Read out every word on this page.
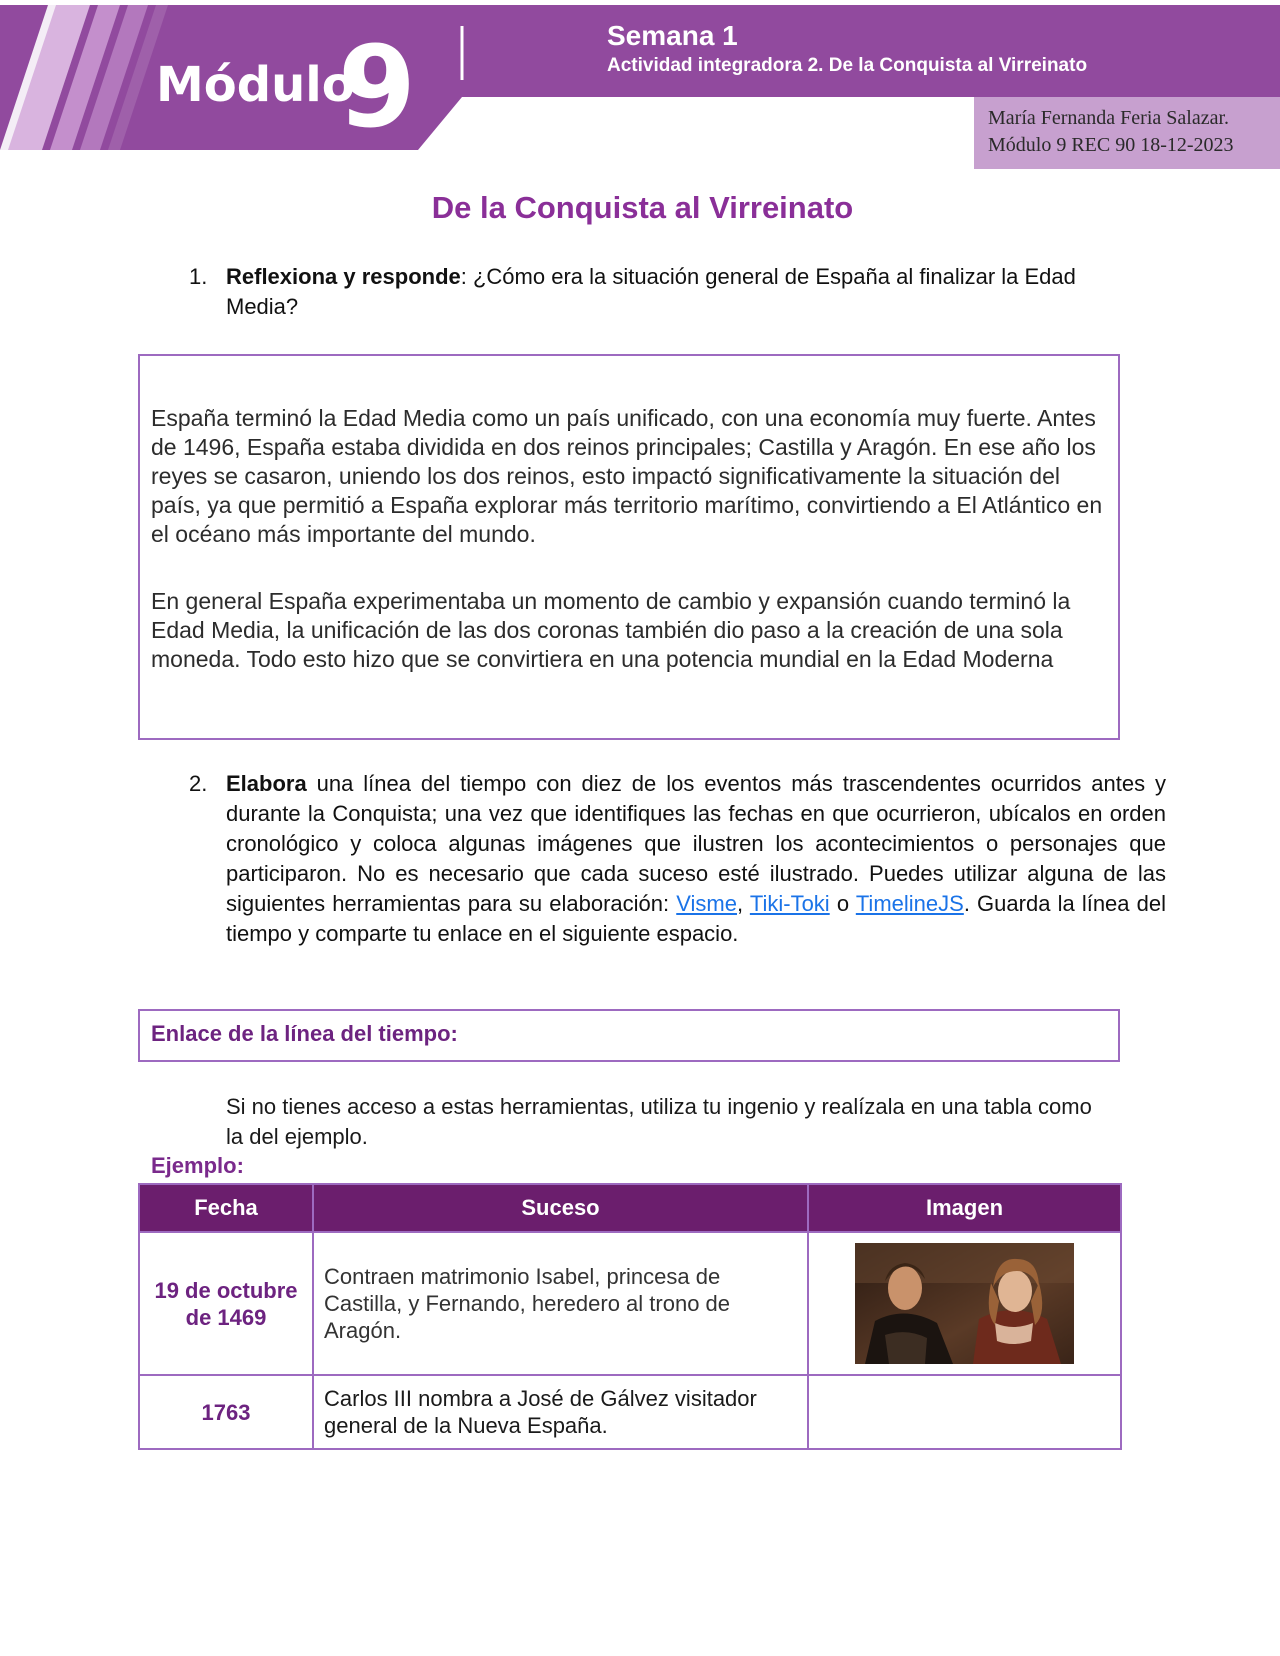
Módulo
9	Semana 1
Actividad integradora 2. De la Conquista al Virreinato
María Fernanda Feria Salazar.
Módulo 9 REC 90 18-12-2023
De la Conquista al Virreinato
1. Reflexiona y responde: ¿Cómo era la situación general de España al finalizar la Edad Media?

España terminó la Edad Media como un país unificado, con una economía muy fuerte. Antes de 1496, España estaba dividida en dos reinos principales; Castilla y Aragón. En ese año los reyes se casaron, uniendo los dos reinos, esto impactó significativamente la situación del país, ya que permitió a España explorar más territorio marítimo, convirtiendo a El Atlántico en el océano más importante del mundo.

En general España experimentaba un momento de cambio y expansión cuando terminó la Edad Media, la unificación de las dos coronas también dio paso a la creación de una sola moneda. Todo esto hizo que se convirtiera en una potencia mundial en la Edad Moderna

2. Elabora una línea del tiempo con diez de los eventos más trascendentes ocurridos antes y durante la Conquista; una vez que identifiques las fechas en que ocurrieron, ubícalos en orden cronológico y coloca algunas imágenes que ilustren los acontecimientos o personajes que participaron. No es necesario que cada suceso esté ilustrado. Puedes utilizar alguna de las siguientes herramientas para su elaboración: Visme, Tiki-Toki o TimelineJS. Guarda la línea del tiempo y comparte tu enlace en el siguiente espacio.
Enlace de la línea del tiempo:
Si no tienes acceso a estas herramientas, utiliza tu ingenio y realízala en una tabla como la del ejemplo.
Ejemplo:
Fecha	Suceso	Imagen
19 de octubre de 1469	Contraen matrimonio Isabel, princesa de Castilla, y Fernando, heredero al trono de Aragón.	
1763	Carlos III nombra a José de Gálvez visitador general de la Nueva España.	
